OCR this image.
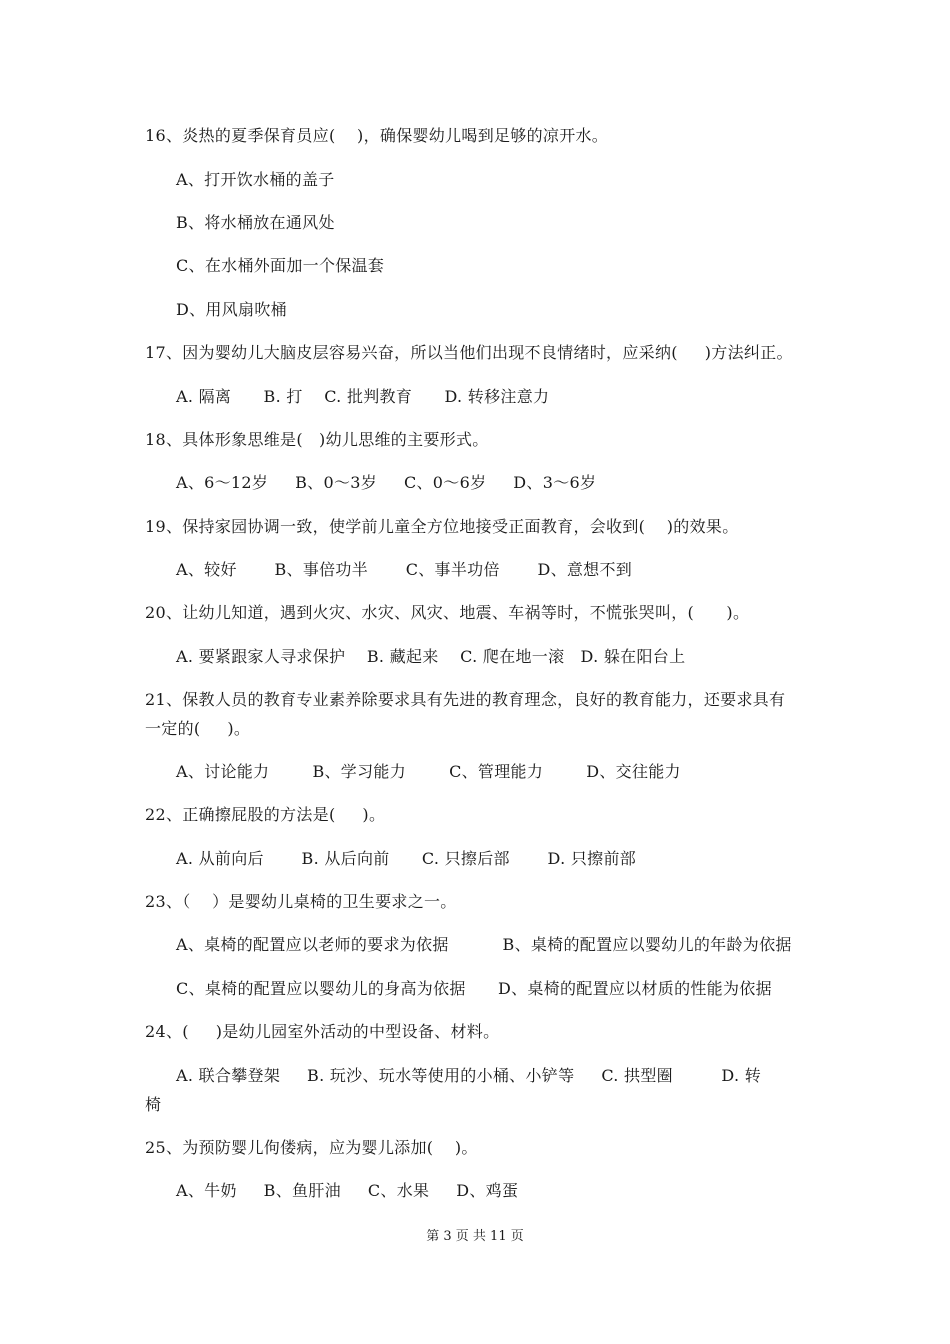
16、炎热的夏季保育员应(    )，确保婴幼儿喝到足够的凉开水。
A、打开饮水桶的盖子
B、将水桶放在通风处
C、在水桶外面加一个保温套
D、用风扇吹桶
17、因为婴幼儿大脑皮层容易兴奋，所以当他们出现不良情绪时，应采纳(     )方法纠正。
A. 隔离      B. 打    C. 批判教育      D. 转移注意力
18、具体形象思维是(   )幼儿思维的主要形式。
A、6～12岁     B、0～3岁     C、0～6岁     D、3～6岁
19、保持家园协调一致，使学前儿童全方位地接受正面教育，会收到(    )的效果。
A、较好       B、事倍功半       C、事半功倍       D、意想不到
20、让幼儿知道，遇到火灾、水灾、风灾、地震、车祸等时，不慌张哭叫，(      )。
A. 要紧跟家人寻求保护    B. 藏起来    C. 爬在地一滚   D. 躲在阳台上
21、保教人员的教育专业素养除要求具有先进的教育理念，良好的教育能力，还要求具有
一定的(     )。
A、讨论能力        B、学习能力        C、管理能力        D、交往能力
22、正确擦屁股的方法是(     )。
A. 从前向后       B. 从后向前      C. 只擦后部       D. 只擦前部
23、（    ）是婴幼儿桌椅的卫生要求之一。
A、桌椅的配置应以老师的要求为依据          B、桌椅的配置应以婴幼儿的年龄为依据
C、桌椅的配置应以婴幼儿的身高为依据      D、桌椅的配置应以材质的性能为依据
24、(     )是幼儿园室外活动的中型设备、材料。
A. 联合攀登架     B. 玩沙、玩水等使用的小桶、小铲等     C. 拱型圈         D. 转
椅
25、为预防婴儿佝偻病，应为婴儿添加(    )。
A、牛奶     B、鱼肝油     C、水果     D、鸡蛋
第 3 页 共 11 页
